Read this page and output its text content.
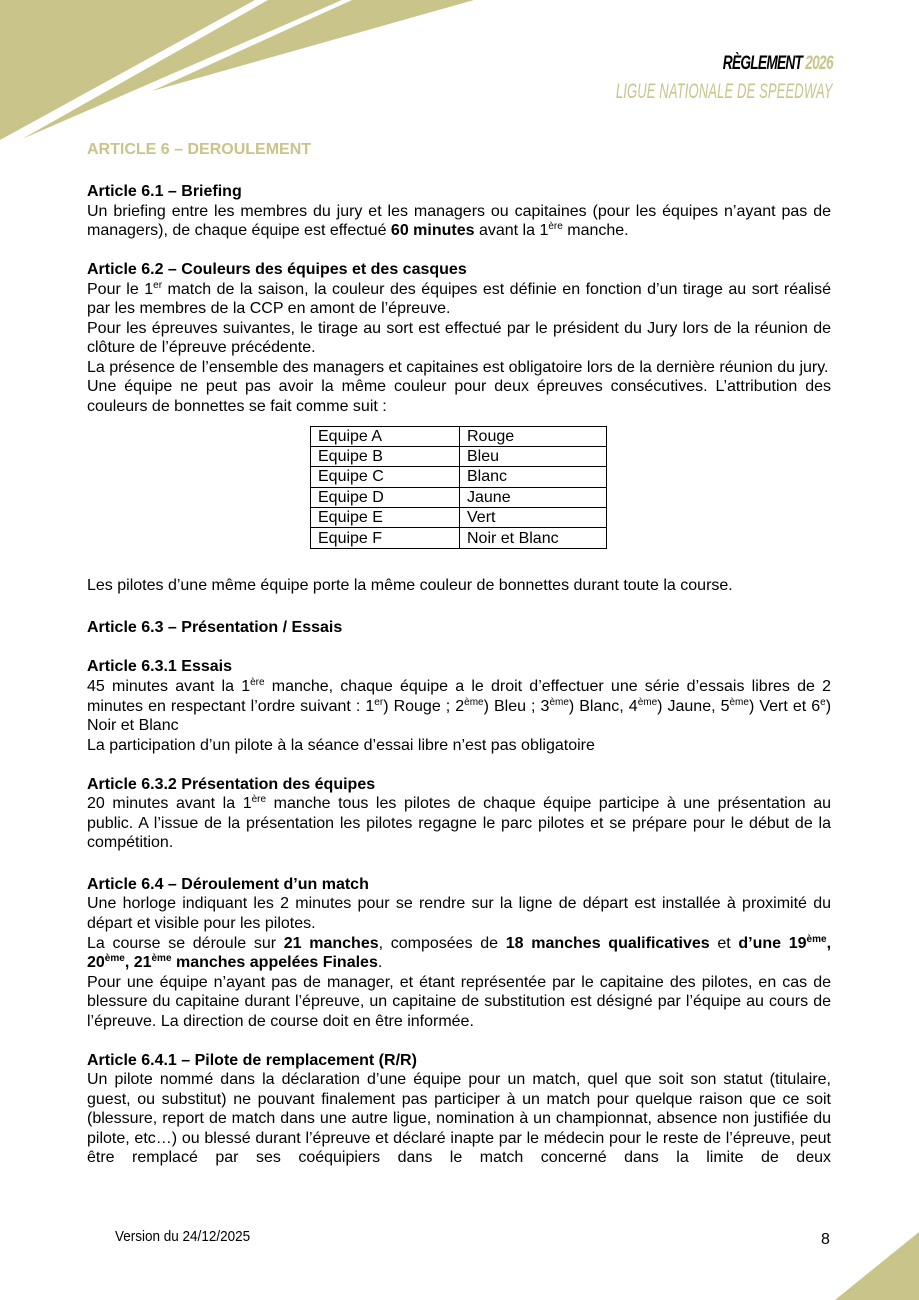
RÈGLEMENT 2026
LIGUE NATIONALE DE SPEEDWAY
ARTICLE 6 – DEROULEMENT
Article 6.1 – Briefing
Un briefing entre les membres du jury et les managers ou capitaines (pour les équipes n’ayant pas de managers), de chaque équipe est effectué 60 minutes avant la 1ère manche.
Article 6.2 – Couleurs des équipes et des casques
Pour le 1er match de la saison, la couleur des équipes est définie en fonction d’un tirage au sort réalisé par les membres de la CCP en amont de l’épreuve.
Pour les épreuves suivantes, le tirage au sort est effectué par le président du Jury lors de la réunion de clôture de l’épreuve précédente.
La présence de l’ensemble des managers et capitaines est obligatoire lors de la dernière réunion du jury.
Une équipe ne peut pas avoir la même couleur pour deux épreuves consécutives. L’attribution des couleurs de bonnettes se fait comme suit :
Equipe A	Rouge
Equipe B	Bleu
Equipe C	Blanc
Equipe D	Jaune
Equipe E	Vert
Equipe F	Noir et Blanc
Les pilotes d’une même équipe porte la même couleur de bonnettes durant toute la course.
Article 6.3 – Présentation / Essais
Article 6.3.1 Essais
45 minutes avant la 1ère manche, chaque équipe a le droit d’effectuer une série d’essais libres de 2 minutes en respectant l’ordre suivant : 1er) Rouge ; 2ème) Bleu ; 3ème) Blanc, 4ème) Jaune, 5ème) Vert et 6e) Noir et Blanc
La participation d’un pilote à la séance d’essai libre n’est pas obligatoire
Article 6.3.2 Présentation des équipes
20 minutes avant la 1ère manche tous les pilotes de chaque équipe participe à une présentation au public. A l’issue de la présentation les pilotes regagne le parc pilotes et se prépare pour le début de la compétition.
Article 6.4 – Déroulement d’un match
Une horloge indiquant les 2 minutes pour se rendre sur la ligne de départ est installée à proximité du départ et visible pour les pilotes.
La course se déroule sur 21 manches, composées de 18 manches qualificatives et d’une 19ème, 20ème, 21ème manches appelées Finales.
Pour une équipe n’ayant pas de manager, et étant représentée par le capitaine des pilotes, en cas de blessure du capitaine durant l’épreuve, un capitaine de substitution est désigné par l’équipe au cours de l’épreuve. La direction de course doit en être informée.
Article 6.4.1 – Pilote de remplacement (R/R)
Un pilote nommé dans la déclaration d’une équipe pour un match, quel que soit son statut (titulaire, guest, ou substitut) ne pouvant finalement pas participer à un match pour quelque raison que ce soit (blessure, report de match dans une autre ligue, nomination à un championnat, absence non justifiée du pilote, etc…) ou blessé durant l’épreuve et déclaré inapte par le médecin pour le reste de l’épreuve, peut être remplacé par ses coéquipiers dans le match concerné dans la limite de deux
Version du 24/12/2025	8
